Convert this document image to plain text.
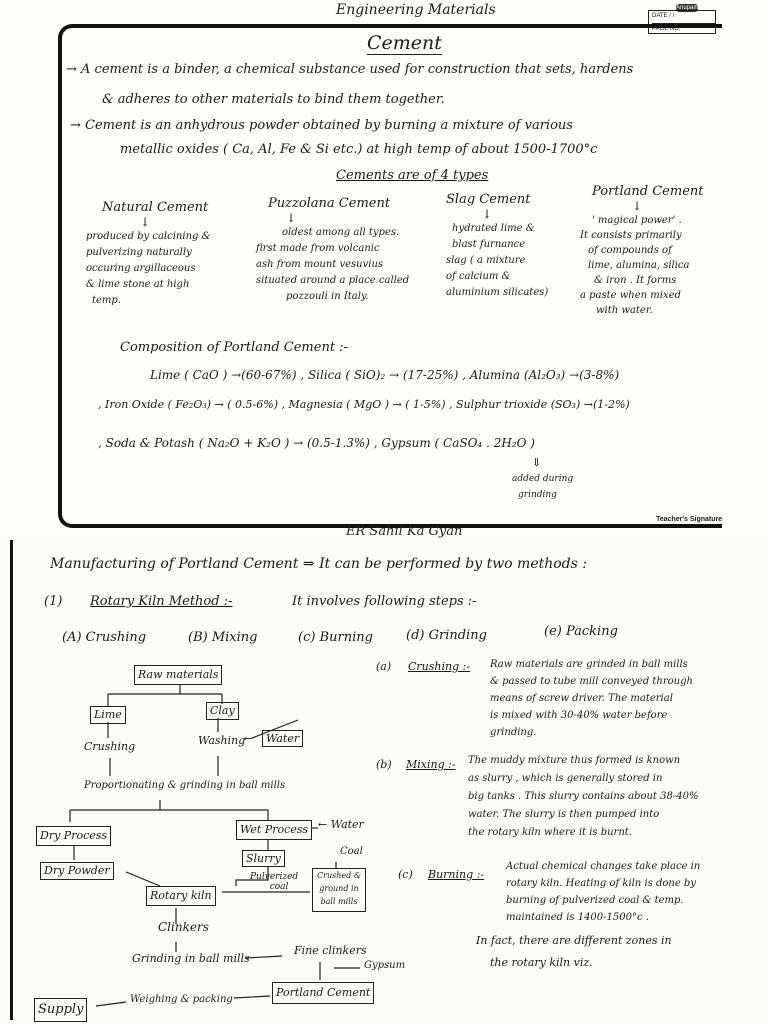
Engineering Materials	Anupam
DATE / /
PAGE NO.
Cement
→ A cement is a binder, a chemical substance used for construction that sets, hardens
& adheres to other materials to bind them together.
→ Cement is an anhydrous powder obtained by burning a mixture of various
metallic oxides ( Ca, Al, Fe & Si etc.) at high temp of about 1500-1700°c
Cements are of 4 types
Natural Cement
↓
produced by calcining &
pulverizing naturally
occuring argillaceous
& lime stone at high
temp.
Puzzolana Cement
↓
oldest among all types.
first made from volcanic
ash from mount vesuvius
situated around a place called
pozzouli in Italy.
Slag Cement
↓
hydrated lime &
blast furnance
slag ( a mixture
of calcium &
aluminium silicates)
Portland Cement
↓
' magical power' .
It consists primarily
of compounds of
lime, alumina, silica
& iron . It forms
a paste when mixed
with water.
Composition of Portland Cement :-
Lime ( CaO ) →(60-67%) , Silica ( SiO)₂ → (17-25%) , Alumina (Al₂O₃) →(3-8%)
, Iron Oxide ( Fe₂O₃) → ( 0.5-6%) , Magnesia ( MgO ) → ( 1-5%) , Sulphur trioxide (SO₃) →(1-2%)
, Soda & Potash ( Na₂O + K₂O ) → (0.5-1.3%) , Gypsum ( CaSO₄ . 2H₂O )
⇓
added during
grinding
Teacher's Signature
ER Sahil Ka Gyan
Manufacturing of Portland Cement ⇒ It can be performed by two methods :
(1) Rotary Kiln Method :-	It involves following steps :-
(A) Crushing	(B) Mixing	(c) Burning	(d) Grinding	(e) Packing
Raw materials
Lime	Clay
Crushing	Washing
←	Water
Proportionating & grinding in ball mills
Dry Process	Wet Process ← Water
Dry Powder
Slurry
Coal
Crushed &
ground in
ball mills
Pulverized
coal
Rotary kiln
Clinkers
Grinding in ball mills
Fine clinkers
Gypsum
Portland Cement
Weighing & packing
Supply
(a) Crushing :- Raw materials are grinded in ball mills
& passed to tube mill conveyed through
means of screw driver. The material
is mixed with 30-40% water before
grinding.
(b) Mixing :- The muddy mixture thus formed is known
as slurry , which is generally stored in
big tanks . This slurry contains about 38-40%
water. The slurry is then pumped into
the rotary kiln where it is burnt.
(c) Burning :-
Actual chemical changes take place in
rotary kiln. Heating of kiln is done by
burning of pulverized coal & temp.
maintained is 1400-1500°c .
In fact, there are different zones in
the rotary kiln viz.
